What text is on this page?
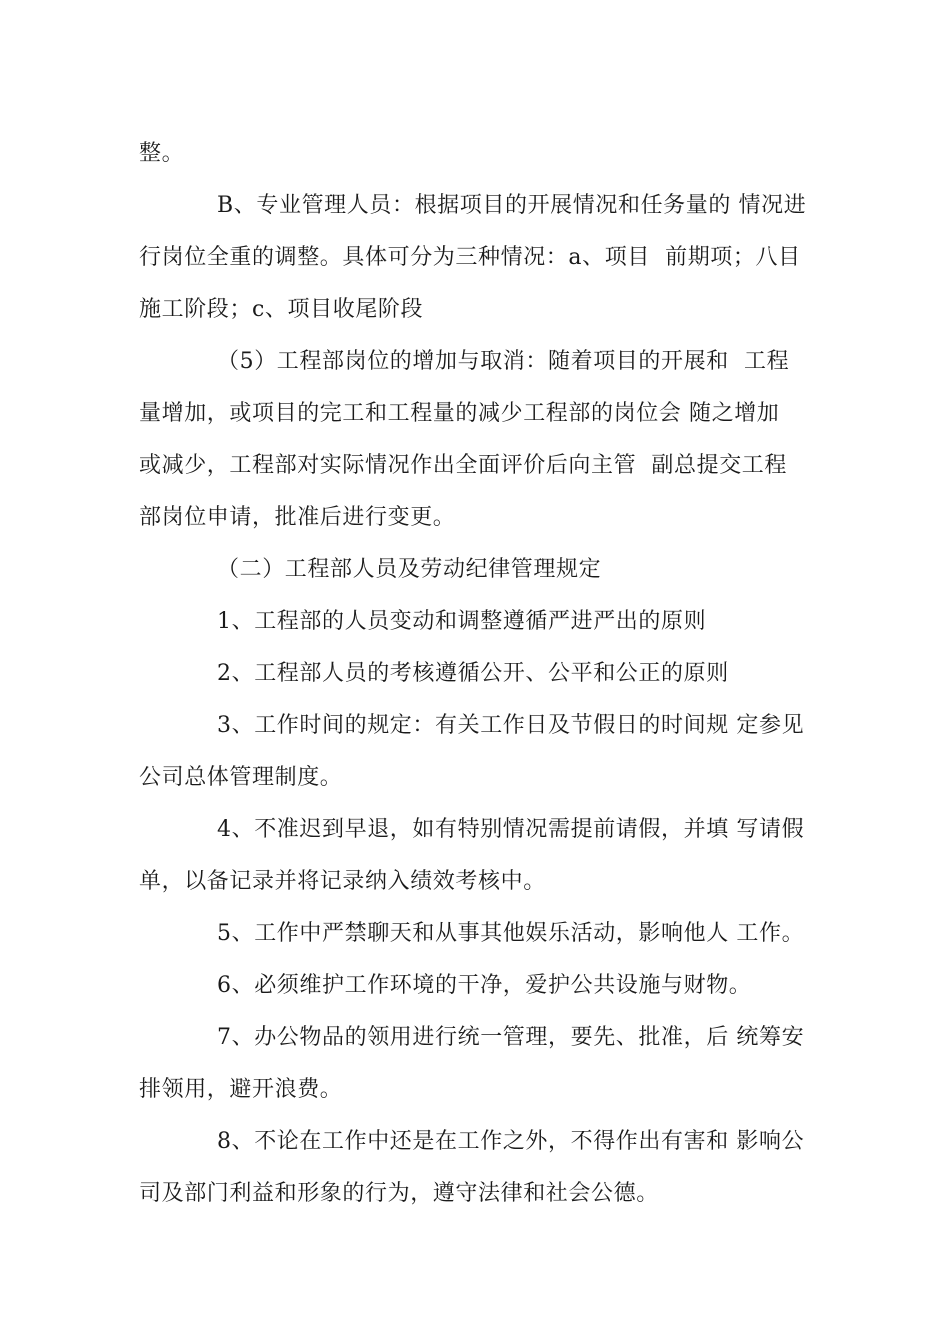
整。
B、专业管理人员：根据项目的开展情况和任务量的 情况进
行岗位全重的调整。具体可分为三种情况：a、项目  前期项；八目
施工阶段；c、项目收尾阶段
（5）工程部岗位的增加与取消：随着项目的开展和  工程
量增加，或项目的完工和工程量的减少工程部的岗位会 随之增加
或减少，工程部对实际情况作出全面评价后向主管  副总提交工程
部岗位申请，批准后进行变更。
（二）工程部人员及劳动纪律管理规定
1、工程部的人员变动和调整遵循严进严出的原则
2、工程部人员的考核遵循公开、公平和公正的原则
3、工作时间的规定：有关工作日及节假日的时间规 定参见
公司总体管理制度。
4、不准迟到早退，如有特别情况需提前请假，并填 写请假
单，以备记录并将记录纳入绩效考核中。
5、工作中严禁聊天和从事其他娱乐活动，影响他人 工作。
6、必须维护工作环境的干净，爱护公共设施与财物。
7、办公物品的领用进行统一管理，要先、批准，后 统筹安
排领用，避开浪费。
8、不论在工作中还是在工作之外，不得作出有害和 影响公
司及部门利益和形象的行为，遵守法律和社会公德。
